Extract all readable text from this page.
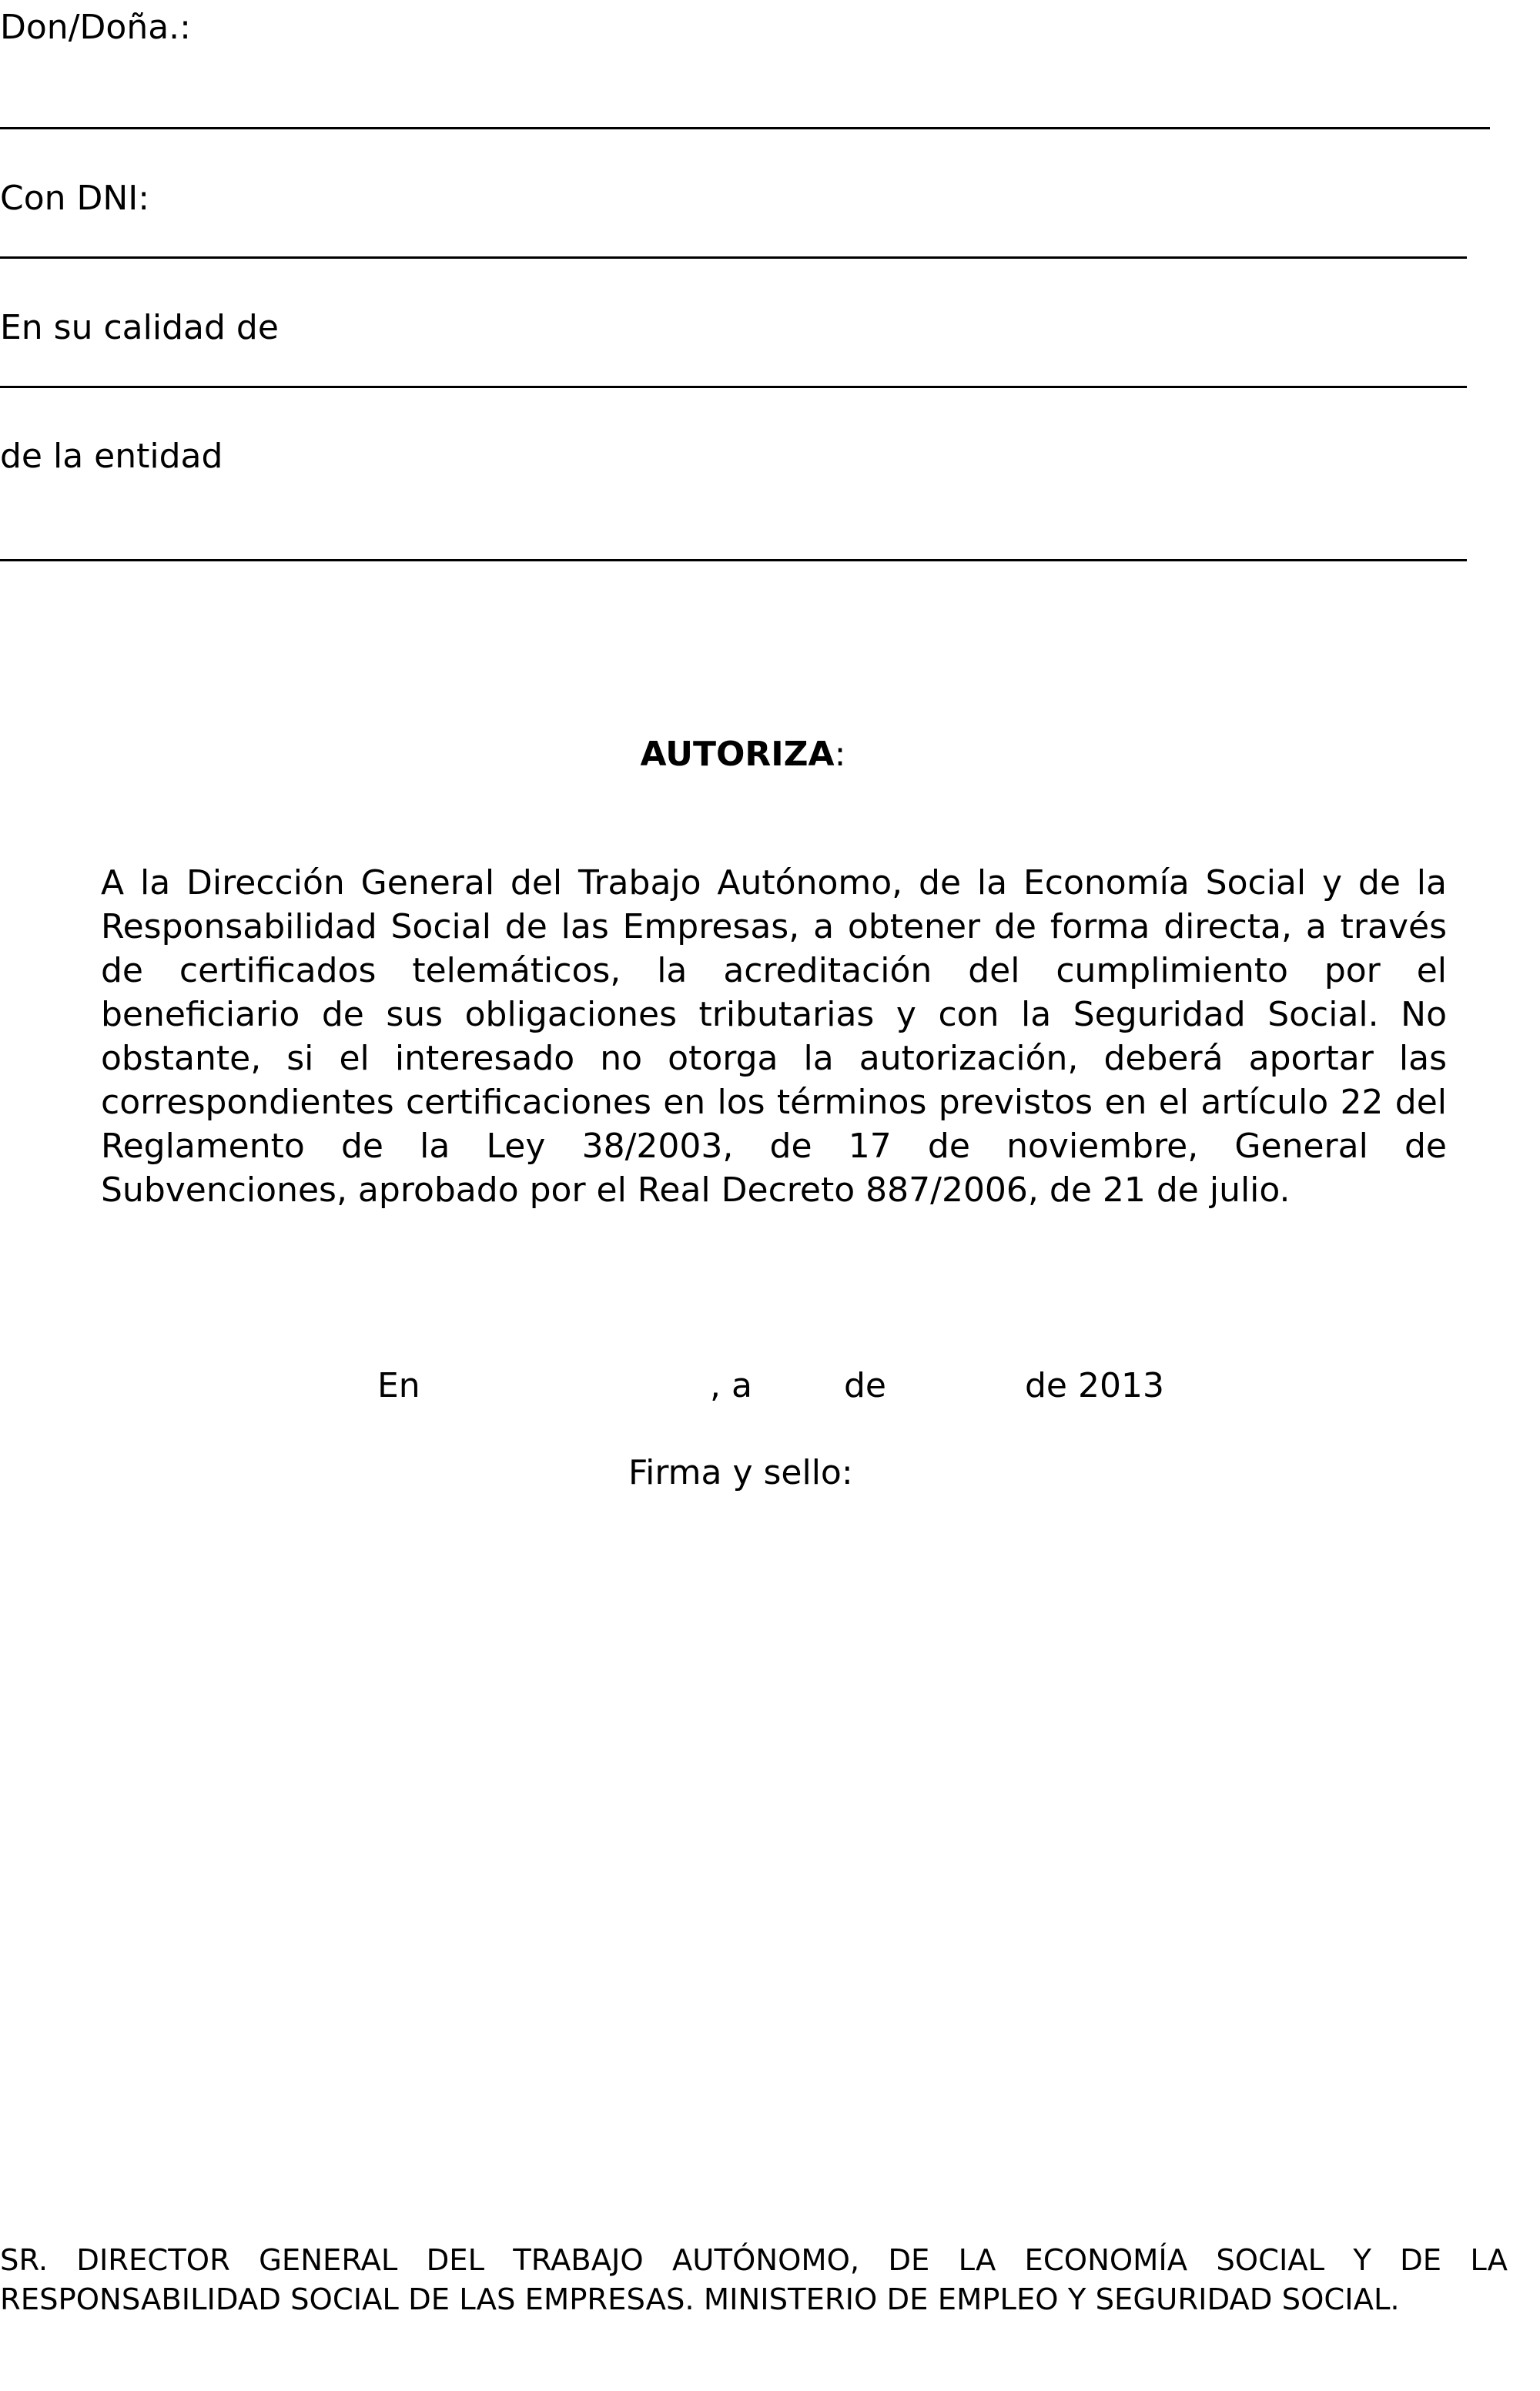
Don/Doña.:
Con DNI:
En su calidad de
de la entidad
AUTORIZA:
A la Dirección General del Trabajo Autónomo, de la Economía Social y de la Responsabilidad Social de las Empresas, a obtener de forma directa, a través de certificados telemáticos, la acreditación del cumplimiento por el beneficiario de sus obligaciones tributarias y con la Seguridad Social. No obstante, si el interesado no otorga la autorización, deberá aportar las correspondientes certificaciones en los términos previstos en el artículo 22 del Reglamento de la Ley 38/2003, de 17 de noviembre, General de Subvenciones, aprobado por el Real Decreto 887/2006, de 21 de julio.
En	, a	de	de 2013
Firma y sello:
SR. DIRECTOR GENERAL DEL TRABAJO AUTÓNOMO, DE LA ECONOMÍA SOCIAL Y DE LA RESPONSABILIDAD SOCIAL DE LAS EMPRESAS. MINISTERIO DE EMPLEO Y SEGURIDAD SOCIAL.
